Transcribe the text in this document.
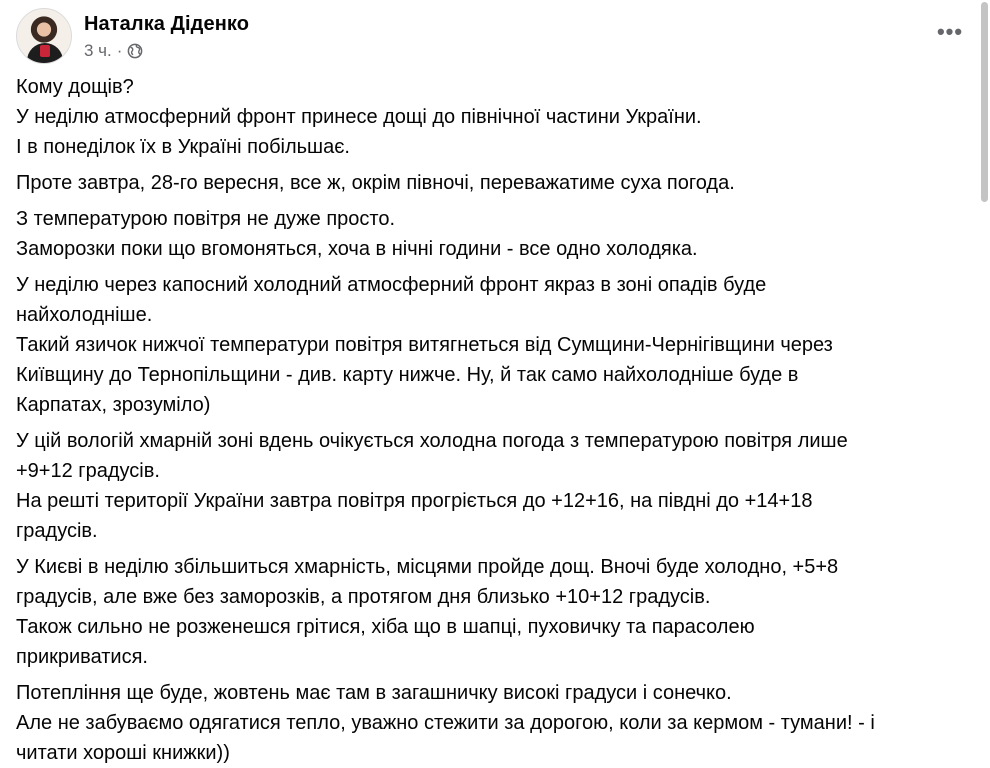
Наталка Діденко
3 ч. ·
•••
Кому дощів?
У неділю атмосферний фронт принесе дощі до північної частини України.
І в понеділок їх в Україні побільшає.
Проте завтра, 28-го вересня, все ж, окрім півночі, переважатиме суха погода.
З температурою повітря не дуже просто.
Заморозки поки що вгомоняться, хоча в нічні години - все одно холодяка.
У неділю через капосний холодний атмосферний фронт якраз в зоні опадів буде
найхолодніше.
Такий язичок нижчої температури повітря витягнеться від Сумщини-Чернігівщини через
Київщину до Тернопільщини - див. карту нижче. Ну, й так само найхолодніше буде в
Карпатах, зрозуміло)
У цій вологій хмарній зоні вдень очікується холодна погода з температурою повітря лише
+9+12 градусів.
На решті території України завтра повітря прогріється до +12+16, на півдні до +14+18
градусів.
У Києві в неділю збільшиться хмарність, місцями пройде дощ. Вночі буде холодно, +5+8
градусів, але вже без заморозків, а протягом дня близько +10+12 градусів.
Також сильно не розженешся грітися, хіба що в шапці, пуховичку та парасолею
прикриватися.
Потепління ще буде, жовтень має там в загашничку високі градуси і сонечко.
Але не забуваємо одягатися тепло, уважно стежити за дорогою, коли за кермом - тумани! - і
читати хороші книжки))
